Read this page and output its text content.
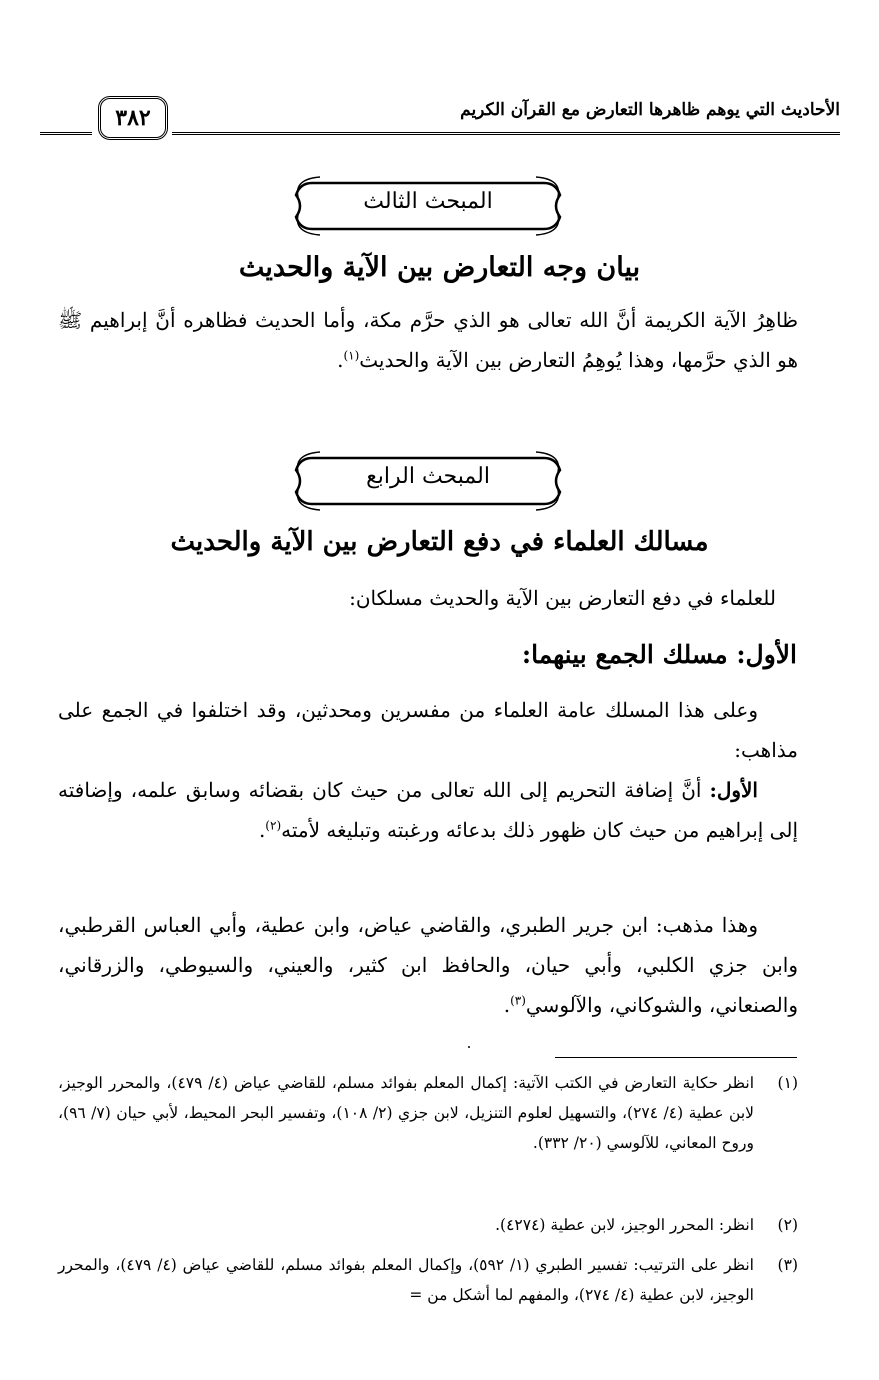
٣٨٢	الأحاديث التي يوهم ظاهرها التعارض مع القرآن الكريم
المبحث الثالث
بيان وجه التعارض بين الآية والحديث
ظاهِرُ الآية الكريمة أنَّ الله تعالى هو الذي حرَّم مكة، وأما الحديث فظاهره أنَّ إبراهيم ﷺ هو الذي حرَّمها، وهذا يُوهِمُ التعارض بين الآية والحديث$^{(١)}$.
المبحث الرابع
مسالك العلماء في دفع التعارض بين الآية والحديث
للعلماء في دفع التعارض بين الآية والحديث مسلكان:
الأول: مسلك الجمع بينهما:
وعلى هذا المسلك عامة العلماء من مفسرين ومحدثين، وقد اختلفوا في الجمع على مذاهب:
الأول: أنَّ إضافة التحريم إلى الله تعالى من حيث كان بقضائه وسابق علمه، وإضافته إلى إبراهيم من حيث كان ظهور ذلك بدعائه ورغبته وتبليغه لأمته$^{(٢)}$.
وهذا مذهب: ابن جرير الطبري، والقاضي عياض، وابن عطية، وأبي العباس القرطبي، وابن جزي الكلبي، وأبي حيان، والحافظ ابن كثير، والعيني، والسيوطي، والزرقاني، والصنعاني، والشوكاني، والآلوسي$^{(٣)}$.
(١)
انظر حكاية التعارض في الكتب الآتية: إكمال المعلم بفوائد مسلم، للقاضي عياض (٤/ ٤٧٩)، والمحرر الوجيز، لابن عطية (٤/ ٢٧٤)، والتسهيل لعلوم التنزيل، لابن جزي (٢/ ١٠٨)، وتفسير البحر المحيط، لأبي حيان (٧/ ٩٦)، وروح المعاني، للآلوسي (٢٠/ ٣٣٢).
(٢)
انظر: المحرر الوجيز، لابن عطية (٤٢٧٤).
(٣)
انظر على الترتيب: تفسير الطبري (١/ ٥٩٢)، وإكمال المعلم بفوائد مسلم، للقاضي عياض (٤/ ٤٧٩)، والمحرر الوجيز، لابن عطية (٤/ ٢٧٤)، والمفهم لما أشكل من =
